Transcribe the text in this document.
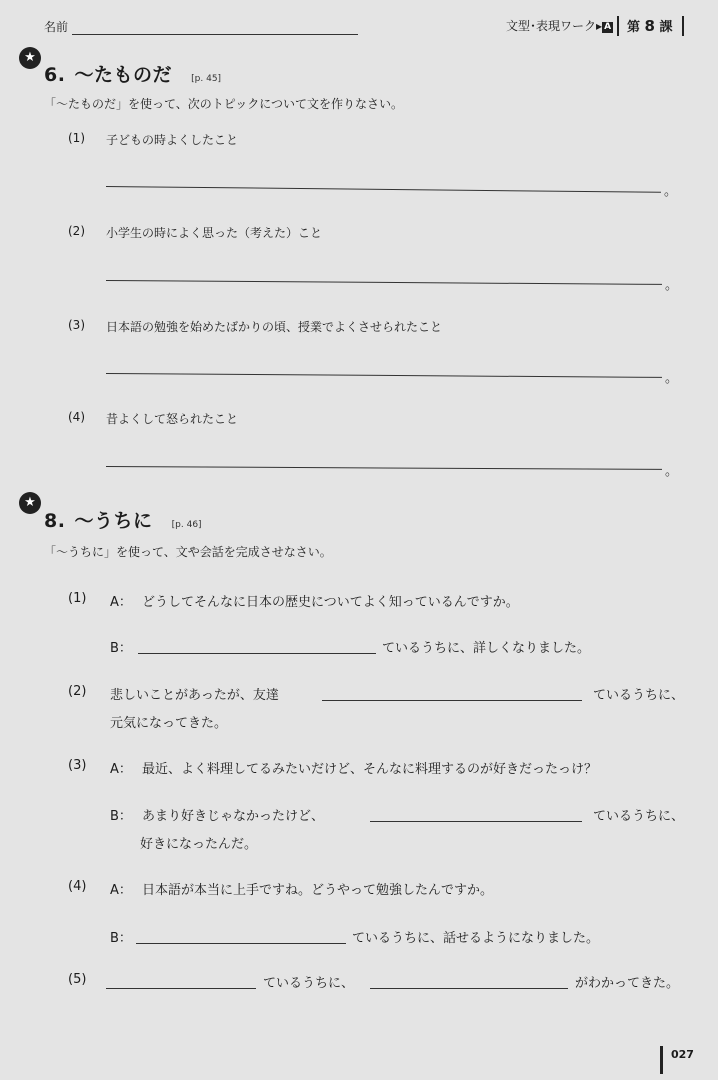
名前	文型･表現ワーク▸ A 第 8 課
★
6. ～たものだ [p. 45]
「～たものだ」を使って、次のトピックについて文を作りなさい。
(1) 子どもの時よくしたこと
。
(2) 小学生の時によく思った（考えた）こと
。
(3) 日本語の勉強を始めたばかりの頃、授業でよくさせられたこと
。
(4) 昔よくして怒られたこと
。
★
8. ～うちに [p. 46]
「～うちに」を使って、文や会話を完成させなさい。
(1) A： どうしてそんなに日本の歴史についてよく知っているんですか。
B：	ているうちに、詳しくなりました。
(2) 悲しいことがあったが、友達	ているうちに、
元気になってきた。
(3) A： 最近、よく料理してるみたいだけど、そんなに料理するのが好きだったっけ？
B： あまり好きじゃなかったけど、	ているうちに、
好きになったんだ。
(4) A： 日本語が本当に上手ですね。どうやって勉強したんですか。
B：	ているうちに、話せるようになりました。
(5)	ているうちに、	がわかってきた。
027
